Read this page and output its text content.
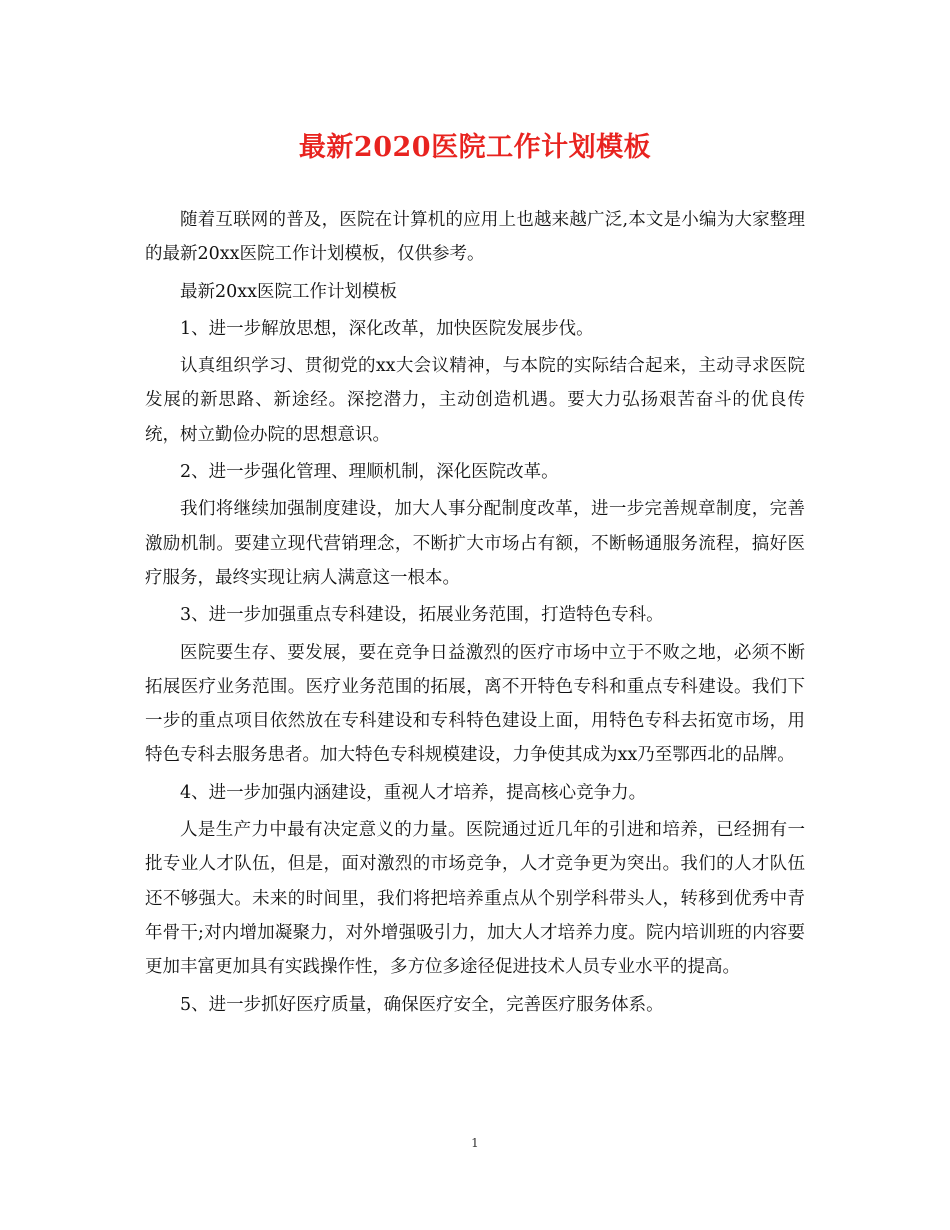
最新2020医院工作计划模板

随着互联网的普及，医院在计算机的应用上也越来越广泛,本文是小编为大家整理的最新20xx医院工作计划模板，仅供参考。

最新20xx医院工作计划模板

1、进一步解放思想，深化改革，加快医院发展步伐。

认真组织学习、贯彻党的xx大会议精神，与本院的实际结合起来，主动寻求医院发展的新思路、新途经。深挖潜力，主动创造机遇。要大力弘扬艰苦奋斗的优良传统，树立勤俭办院的思想意识。

2、进一步强化管理、理顺机制，深化医院改革。

我们将继续加强制度建设，加大人事分配制度改革，进一步完善规章制度，完善激励机制。要建立现代营销理念，不断扩大市场占有额，不断畅通服务流程，搞好医疗服务，最终实现让病人满意这一根本。

3、进一步加强重点专科建设，拓展业务范围，打造特色专科。

医院要生存、要发展，要在竞争日益激烈的医疗市场中立于不败之地，必须不断拓展医疗业务范围。医疗业务范围的拓展，离不开特色专科和重点专科建设。我们下一步的重点项目依然放在专科建设和专科特色建设上面，用特色专科去拓宽市场，用特色专科去服务患者。加大特色专科规模建设，力争使其成为xx乃至鄂西北的品牌。

4、进一步加强内涵建设，重视人才培养，提高核心竞争力。

人是生产力中最有决定意义的力量。医院通过近几年的引进和培养，已经拥有一批专业人才队伍，但是，面对激烈的市场竞争，人才竞争更为突出。我们的人才队伍还不够强大。未来的时间里，我们将把培养重点从个别学科带头人，转移到优秀中青年骨干;对内增加凝聚力，对外增强吸引力，加大人才培养力度。院内培训班的内容要更加丰富更加具有实践操作性，多方位多途径促进技术人员专业水平的提高。

5、进一步抓好医疗质量，确保医疗安全，完善医疗服务体系。

1
